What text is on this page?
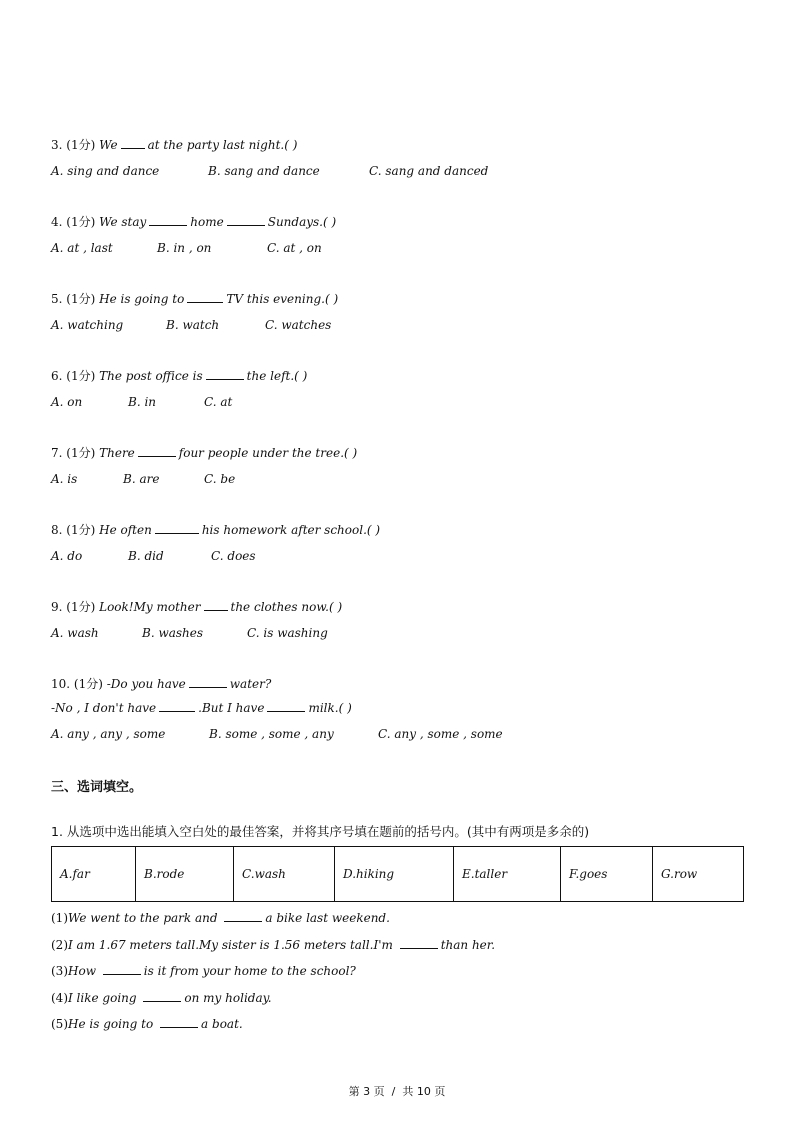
3. (1分) We	at the party last night.( )
A. sing and dance	B. sang and dance	C. sang and danced
4. (1分) We stay	home	Sundays.( )
A. at , last	B. in , on	C. at , on
5. (1分) He is going to	TV this evening.( )
A. watching	B. watch	C. watches
6. (1分) The post office is	the left.( )
A. on	B. in	C. at
7. (1分) There	four people under the tree.( )
A. is	B. are	C. be
8. (1分) He often	his homework after school.( )
A. do	B. did	C. does
9. (1分) Look!My mother	the clothes now.( )
A. wash	B. washes	C. is washing
10. (1分) -Do you have	water?
-No , I don't have	.But I have	milk.( )
A. any , any , some	B. some , some , any	C. any , some , some
三、选词填空。
1. 从选项中选出能填入空白处的最佳答案，并将其序号填在题前的括号内。(其中有两项是多余的)
A.far	B.rode	C.wash	D.hiking	E.taller	F.goes	G.row
(1)We went to the park and	a bike last weekend.
(2)I am 1.67 meters tall.My sister is 1.56 meters tall.I'm	than her.
(3)How	is it from your home to the school?
(4)I like going	on my holiday.
(5)He is going to	a boat.
第 3 页  /  共 10 页
